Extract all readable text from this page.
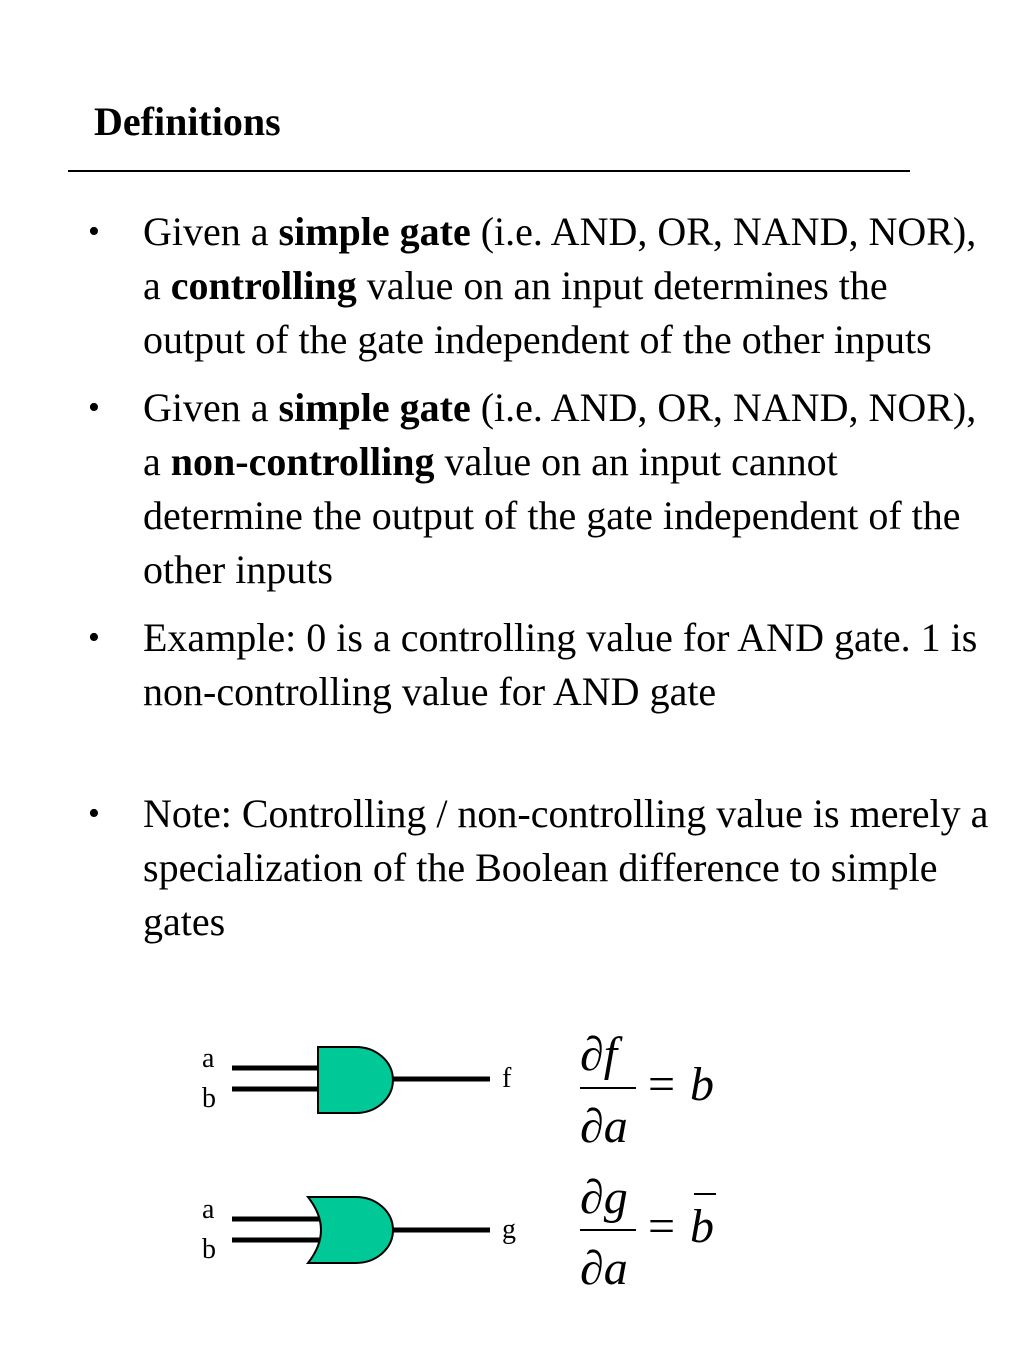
Definitions
• Given a simple gate (i.e. AND, OR, NAND, NOR), a controlling value on an input determines the output of the gate independent of the other inputs
• Given a simple gate (i.e. AND, OR, NAND, NOR), a non-controlling value on an input cannot determine the output of the gate independent of the other inputs
• Example: 0 is a controlling value for AND gate. 1 is non-controlling value for AND gate
• Note: Controlling / non-controlling value is merely a specialization of the Boolean difference to simple gates
a
b
f
a
b
g
∂f
∂a
= b
∂g
∂a
= b
